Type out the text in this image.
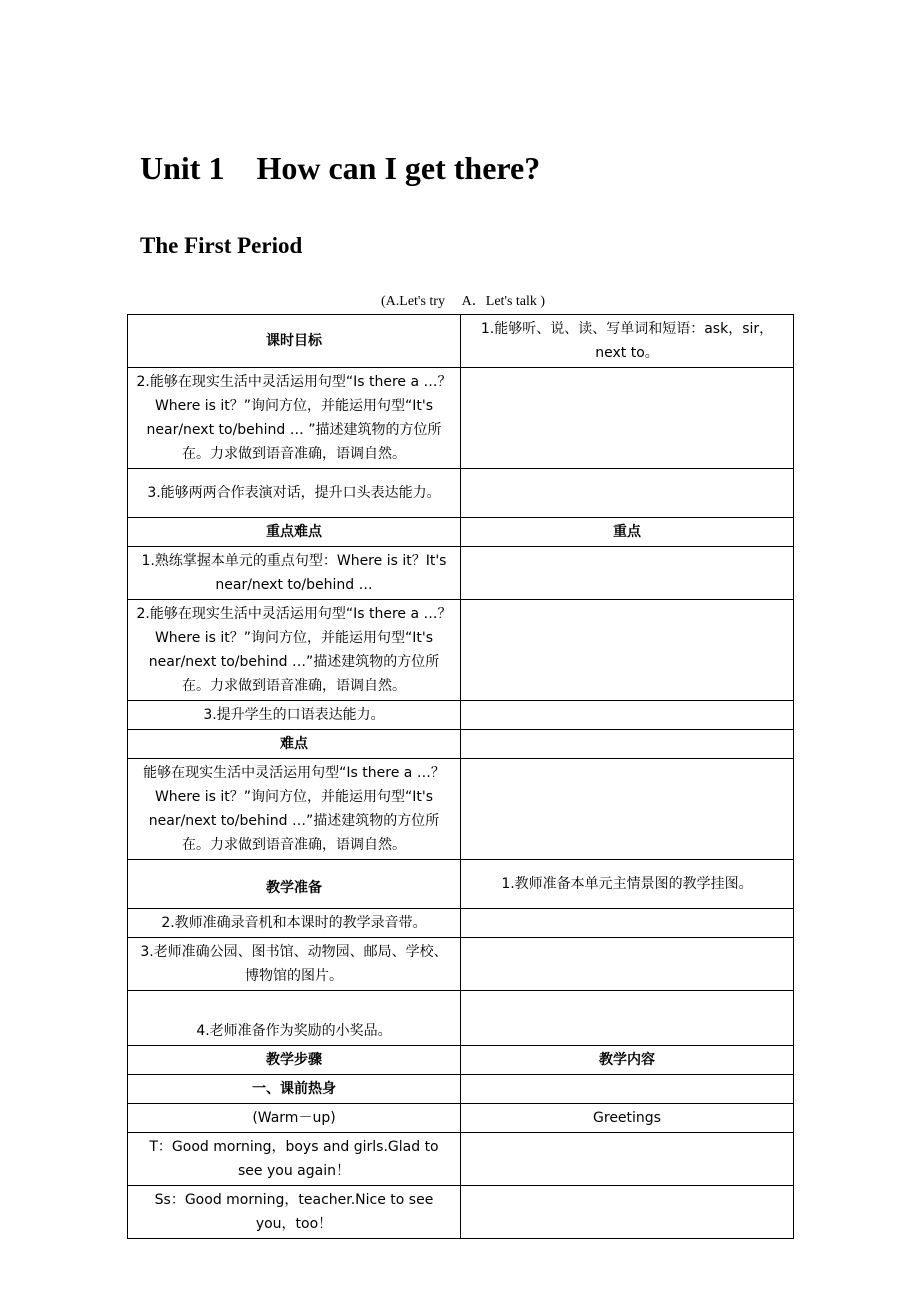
Unit 1    How can I get there?
The First Period
(A.Let's try     A．Let's talk )
课时目标	1.能够听、说、读、写单词和短语：ask，sir，next to。
2.能够在现实生活中灵活运用句型“Is there a …？Where is it？”询问方位，并能运用句型“It's near/next to/behind … ”描述建筑物的方位所在。力求做到语音准确，语调自然。	
3.能够两两合作表演对话，提升口头表达能力。	
重点难点	重点
1.熟练掌握本单元的重点句型：Where is it？It's near/next to/behind …	
2.能够在现实生活中灵活运用句型“Is there a …？Where is it？”询问方位，并能运用句型“It's near/next to/behind …”描述建筑物的方位所在。力求做到语音准确，语调自然。	
3.提升学生的口语表达能力。	
难点	
能够在现实生活中灵活运用句型“Is there a …？Where is it？”询问方位，并能运用句型“It's near/next to/behind …”描述建筑物的方位所在。力求做到语音准确，语调自然。	
教学准备	1.教师准备本单元主情景图的教学挂图。
2.教师准确录音机和本课时的教学录音带。	
3.老师准确公园、图书馆、动物园、邮局、学校、博物馆的图片。	
4.老师准备作为奖励的小奖品。	
教学步骤	教学内容
一、课前热身	
(Warm－up)	Greetings
T：Good morning，boys and girls.Glad to see you again！	
Ss：Good morning，teacher.Nice to see you，too！	
